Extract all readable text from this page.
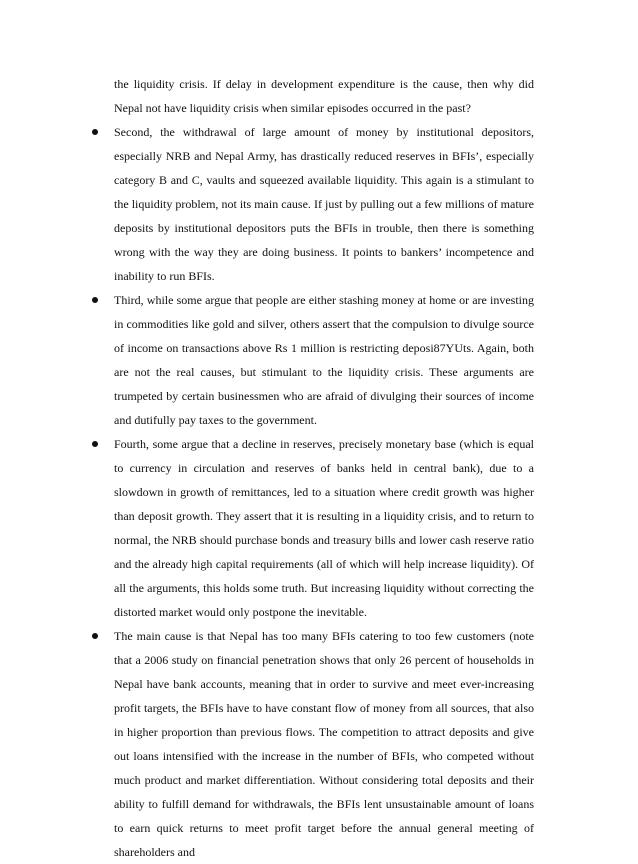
the liquidity crisis. If delay in development expenditure is the cause, then why did Nepal not have liquidity crisis when similar episodes occurred in the past?

Second, the withdrawal of large amount of money by institutional depositors, especially NRB and Nepal Army, has drastically reduced reserves in BFIs’, especially category B and C, vaults and squeezed available liquidity. This again is a stimulant to the liquidity problem, not its main cause. If just by pulling out a few millions of mature deposits by institutional depositors puts the BFIs in trouble, then there is something wrong with the way they are doing business. It points to bankers’ incompetence and inability to run BFIs.

Third, while some argue that people are either stashing money at home or are investing in commodities like gold and silver, others assert that the compulsion to divulge source of income on transactions above Rs 1 million is restricting deposi87YUts. Again, both are not the real causes, but stimulant to the liquidity crisis. These arguments are trumpeted by certain businessmen who are afraid of divulging their sources of income and dutifully pay taxes to the government.

Fourth, some argue that a decline in reserves, precisely monetary base (which is equal to currency in circulation and reserves of banks held in central bank), due to a slowdown in growth of remittances, led to a situation where credit growth was higher than deposit growth. They assert that it is resulting in a liquidity crisis, and to return to normal, the NRB should purchase bonds and treasury bills and lower cash reserve ratio and the already high capital requirements (all of which will help increase liquidity). Of all the arguments, this holds some truth. But increasing liquidity without correcting the distorted market would only postpone the inevitable.

The main cause is that Nepal has too many BFIs catering to too few customers (note that a 2006 study on financial penetration shows that only 26 percent of households in Nepal have bank accounts, meaning that in order to survive and meet ever-increasing profit targets, the BFIs have to have constant flow of money from all sources, that also in higher proportion than previous flows. The competition to attract deposits and give out loans intensified with the increase in the number of BFIs, who competed without much product and market differentiation. Without considering total deposits and their ability to fulfill demand for withdrawals, the BFIs lent unsustainable amount of loans to earn quick returns to meet profit target before the annual general meeting of shareholders and
